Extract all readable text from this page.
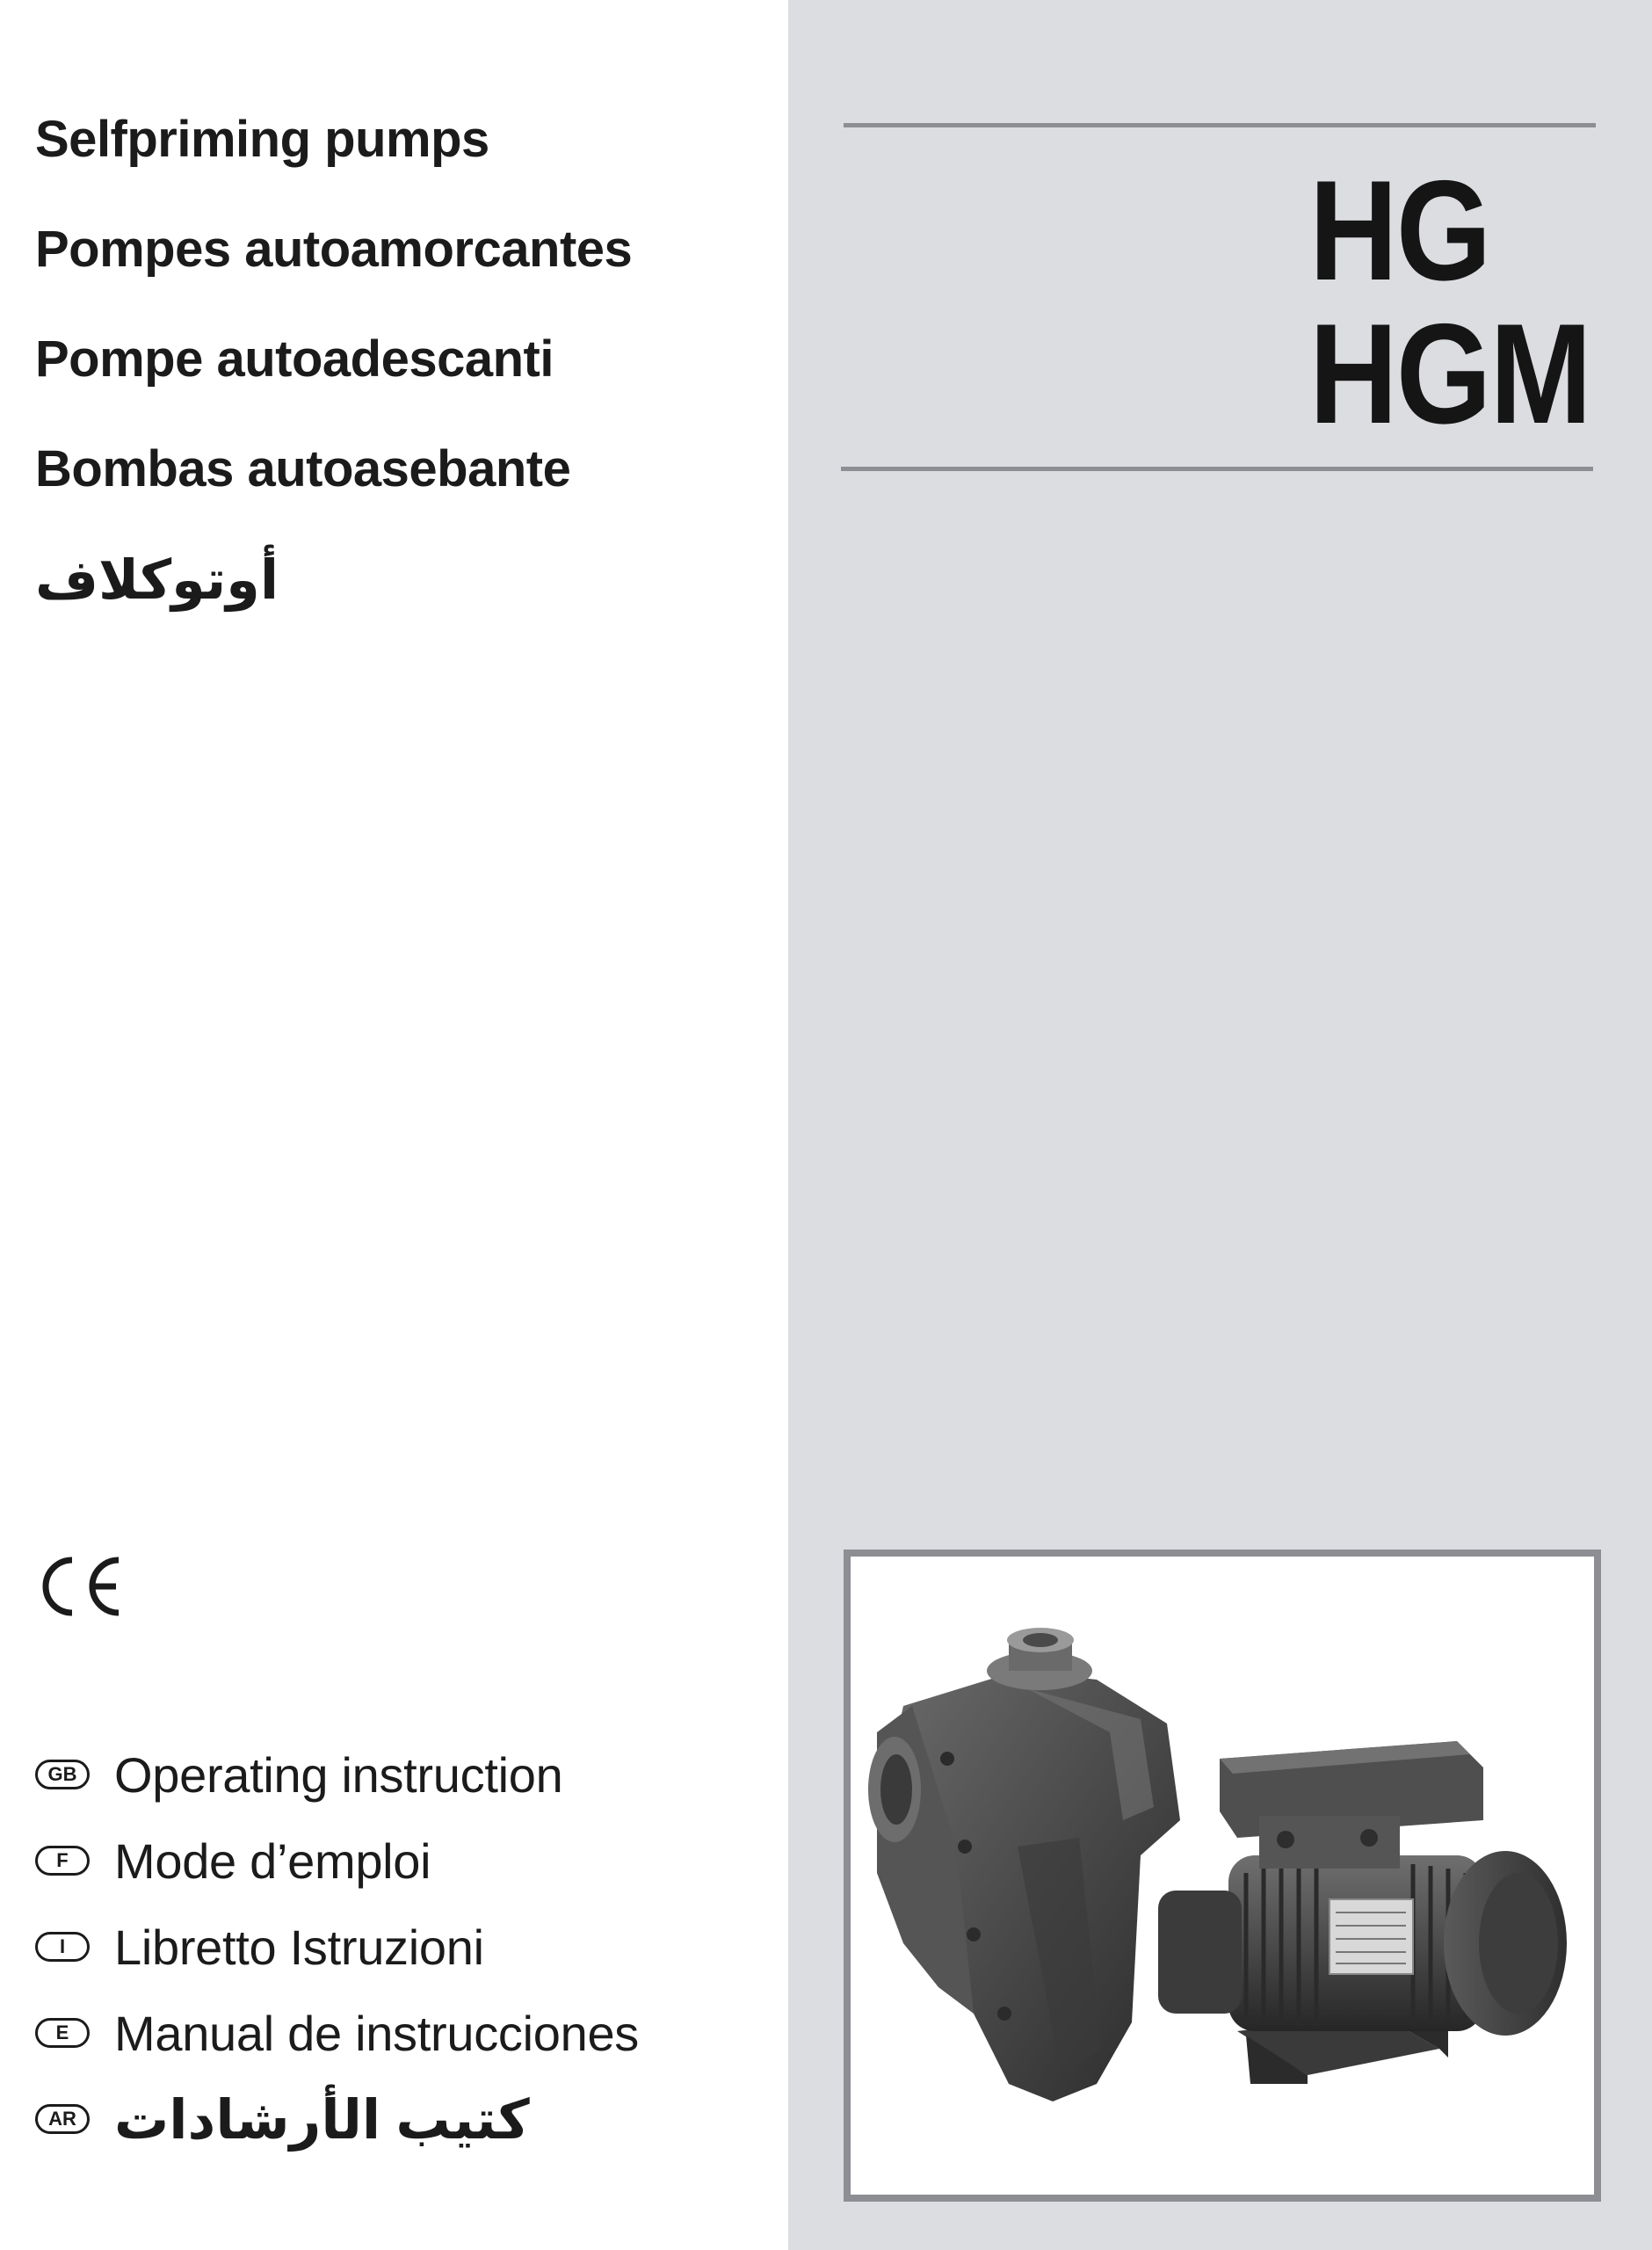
Selfpriming pumps
Pompes autoamorcantes
Pompe autoadescanti
Bombas autoasebante
أوتوكلاف
GB Operating instruction
F Mode d’emploi
I Libretto Istruzioni
E Manual de instrucciones
AR كتيب الأرشادات
HG
HGM
